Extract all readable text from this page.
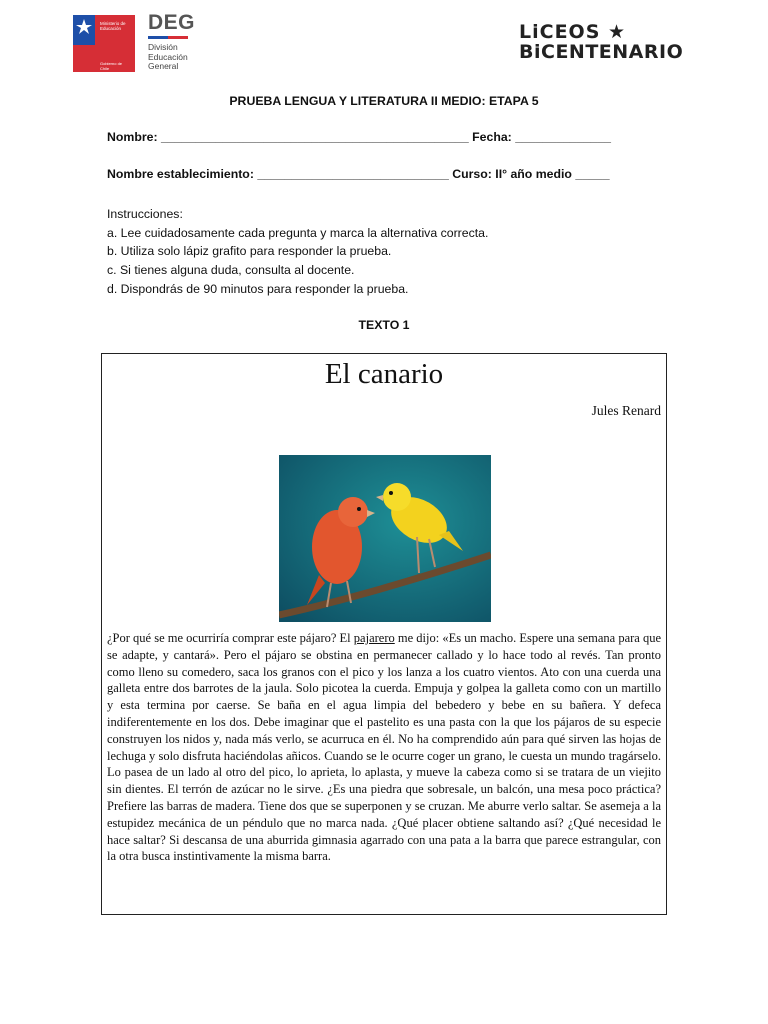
Ministerio de Educación
Gobierno de Chile
DEG
División
Educación
General
LiCEOS ★
BiCENTENARIO
PRUEBA LENGUA Y LITERATURA II MEDIO: ETAPA 5
Nombre: _____________________________________________ Fecha: ______________
Nombre establecimiento: ____________________________ Curso: II° año medio _____
Instrucciones:
a. Lee cuidadosamente cada pregunta y marca la alternativa correcta.
b. Utiliza solo lápiz grafito para responder la prueba.
c. Si tienes alguna duda, consulta al docente.
d. Dispondrás de 90 minutos para responder la prueba.
TEXTO 1
El canario
Jules Renard
¿Por qué se me ocurriría comprar este pájaro? El pajarero me dijo: «Es un macho. Espere una semana para que se adapte, y cantará». Pero el pájaro se obstina en permanecer callado y lo hace todo al revés. Tan pronto como lleno su comedero, saca los granos con el pico y los lanza a los cuatro vientos. Ato con una cuerda una galleta entre dos barrotes de la jaula. Solo picotea la cuerda. Empuja y golpea la galleta como con un martillo y esta termina por caerse. Se baña en el agua limpia del bebedero y bebe en su bañera. Y defeca indiferentemente en los dos. Debe imaginar que el pastelito es una pasta con la que los pájaros de su especie construyen los nidos y, nada más verlo, se acurruca en él. No ha comprendido aún para qué sirven las hojas de lechuga y solo disfruta haciéndolas añicos. Cuando se le ocurre coger un grano, le cuesta un mundo tragárselo. Lo pasea de un lado al otro del pico, lo aprieta, lo aplasta, y mueve la cabeza como si se tratara de un viejito sin dientes. El terrón de azúcar no le sirve. ¿Es una piedra que sobresale, un balcón, una mesa poco práctica? Prefiere las barras de madera. Tiene dos que se superponen y se cruzan. Me aburre verlo saltar. Se asemeja a la estupidez mecánica de un péndulo que no marca nada. ¿Qué placer obtiene saltando así? ¿Qué necesidad le hace saltar? Si descansa de una aburrida gimnasia agarrado con una pata a la barra que parece estrangular, con la otra busca instintivamente la misma barra.
